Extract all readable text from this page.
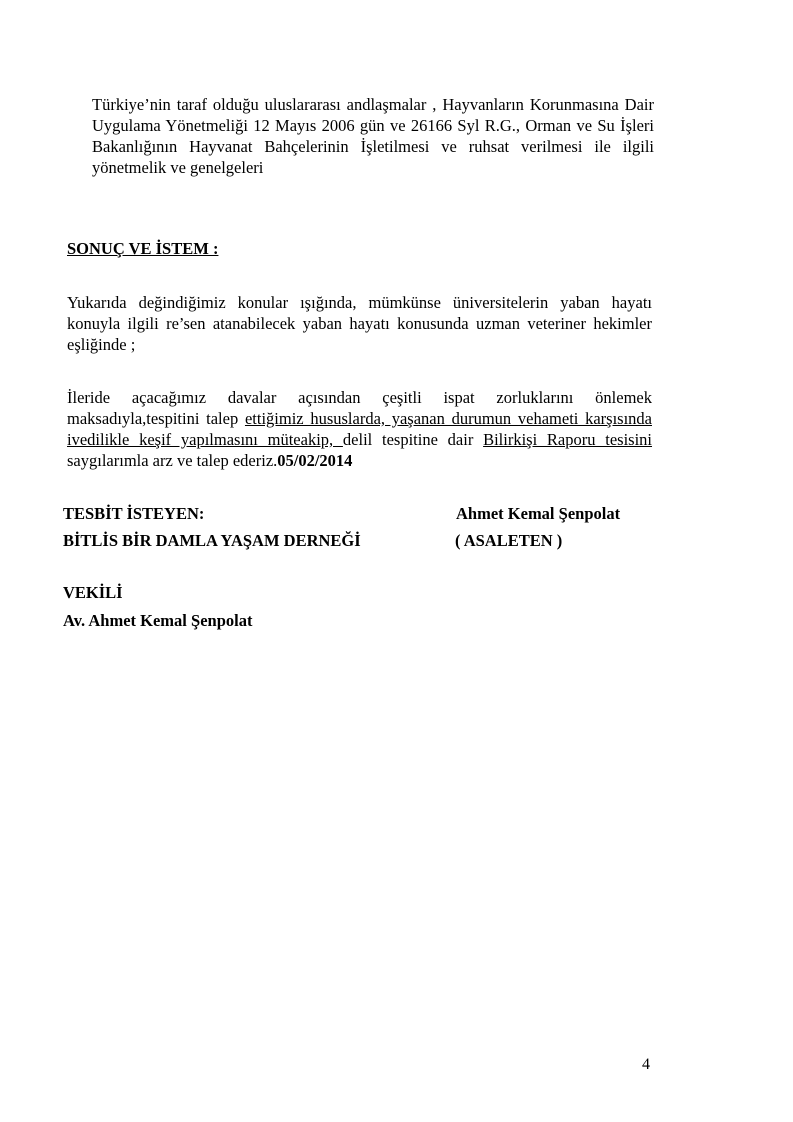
Türkiye’nin taraf olduğu uluslararası andlaşmalar , Hayvanların Korunmasına Dair Uygulama Yönetmeliği 12 Mayıs 2006 gün ve 26166 Syl R.G., Orman ve Su İşleri Bakanlığının Hayvanat Bahçelerinin İşletilmesi ve ruhsat verilmesi ile ilgili yönetmelik ve genelgeleri
SONUÇ VE İSTEM :
Yukarıda değindiğimiz konular ışığında, mümkünse üniversitelerin yaban hayatı konuyla ilgili re’sen atanabilecek yaban hayatı konusunda uzman veteriner hekimler eşliğinde ;
İleride açacağımız davalar açısından çeşitli ispat zorluklarını önlemek maksadıyla,tespitini talep ettiğimiz hususlarda, yaşanan durumun vehameti karşısında ivedilikle keşif yapılmasını müteakip, delil tespitine dair Bilirkişi Raporu tesisini saygılarımla arz ve talep ederiz.05/02/2014
TESBİT İSTEYEN:
BİTLİS BİR DAMLA YAŞAM DERNEĞİ
Ahmet Kemal Şenpolat
( ASALETEN )
VEKİLİ
Av. Ahmet Kemal Şenpolat
4
